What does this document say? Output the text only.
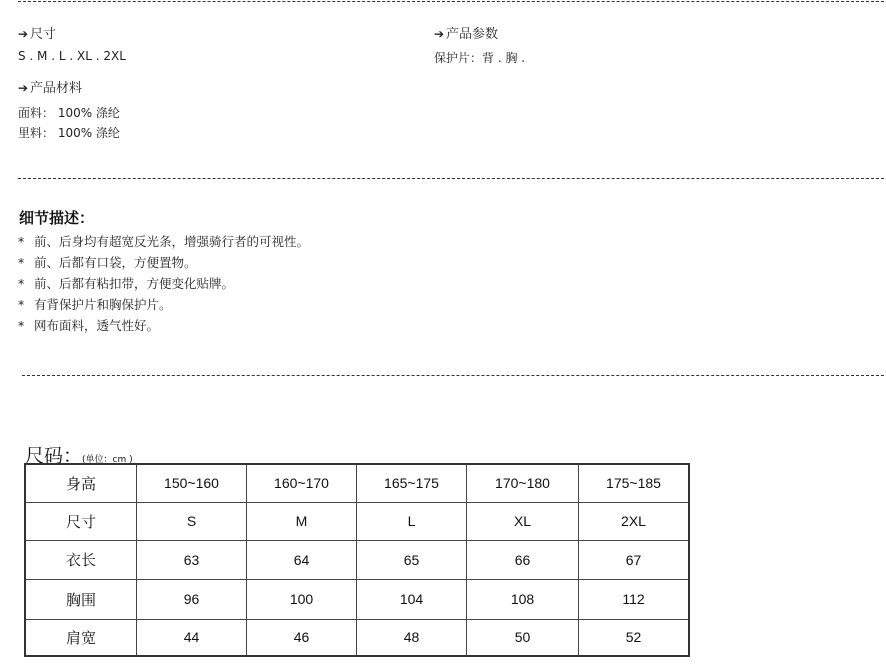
➔ 尺寸
S . M . L . XL . 2XL
➔ 产品参数
保护片：背 . 胸 .
➔ 产品材料
面料： 100% 涤纶
里料： 100% 涤纶
细节描述：
* 前、后身均有超宽反光条，增强骑行者的可视性。
* 前、后都有口袋，方便置物。
* 前、后都有粘扣带，方便变化贴牌。
* 有背保护片和胸保护片。
* 网布面料，透气性好。
尺码：(单位：cm )
身高	150~160	160~170	165~175	170~180	175~185
尺寸	S	M	L	XL	2XL
衣长	63	64	65	66	67
胸围	96	100	104	108	112
肩宽	44	46	48	50	52
